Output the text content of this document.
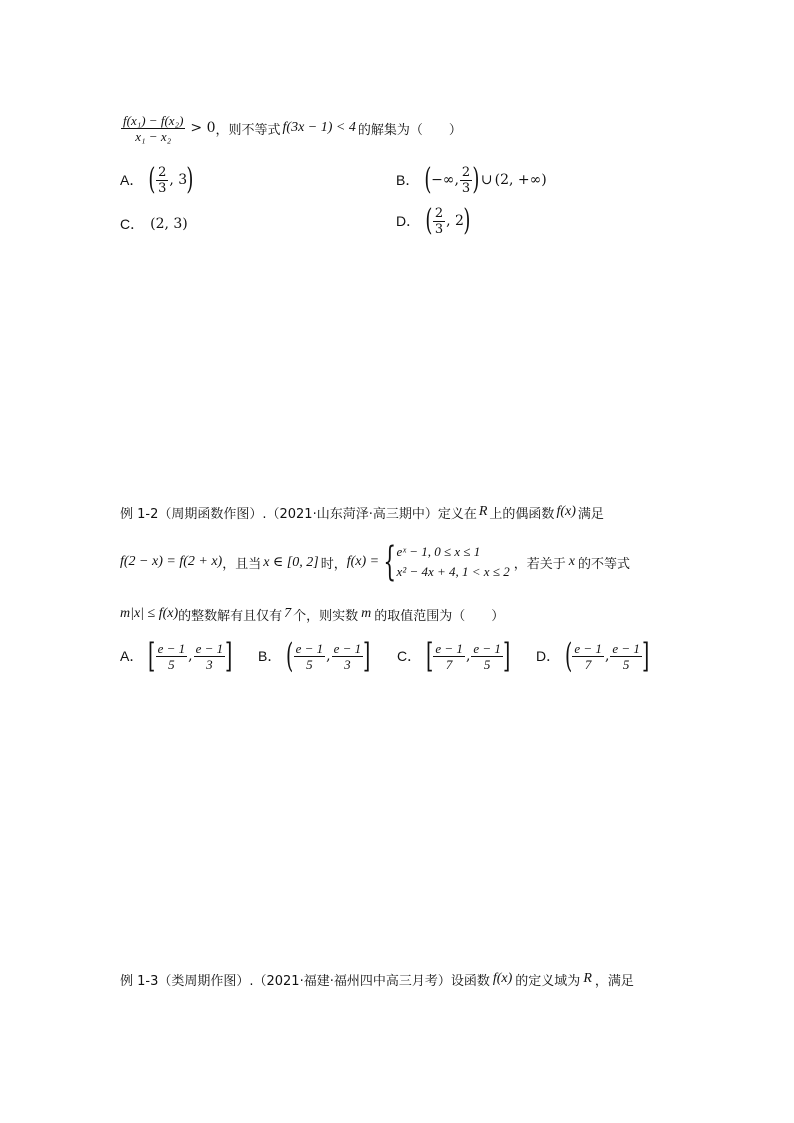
$\frac{\text{f(x₁) − f(x₂)}}{\text{x₁ − x₂}} > 0$ ，则不等式 f(3x − 1) < 4 的解集为（　　）
A． ( $\frac{2}{3}$ , 3 )	B． ( −∞, $\frac{2}{3}$ ) ∪ (2, +∞)
C． (2, 3)	D． ( $\frac{2}{3}$ , 2 )
例 1-2（周期函数作图）.（2021·山东菏泽·高三期中）定义在 R 上的偶函数 f(x) 满足
f(2 − x) = f(2 + x) ，且当 x ∈ [0, 2] 时， f(x) = { eˣ − 1, 0 ≤ x ≤ 1
x² − 4x + 4, 1 < x ≤ 2 ，若关于 x 的不等式
m|x| ≤ f(x) 的整数解有且仅有 7 个，则实数 m 的取值范围为（　　）
A． [ $\frac{e - 1}{5}$ , $\frac{e - 1}{3}$ ] B． ( $\frac{e - 1}{5}$ , $\frac{e - 1}{3}$ ] C． [ $\frac{e - 1}{7}$ , $\frac{e - 1}{5}$ ] D． ( $\frac{e - 1}{7}$ , $\frac{e - 1}{5}$ ]
例 1-3（类周期作图）.（2021·福建·福州四中高三月考）设函数 f(x) 的定义域为 R ，满足
